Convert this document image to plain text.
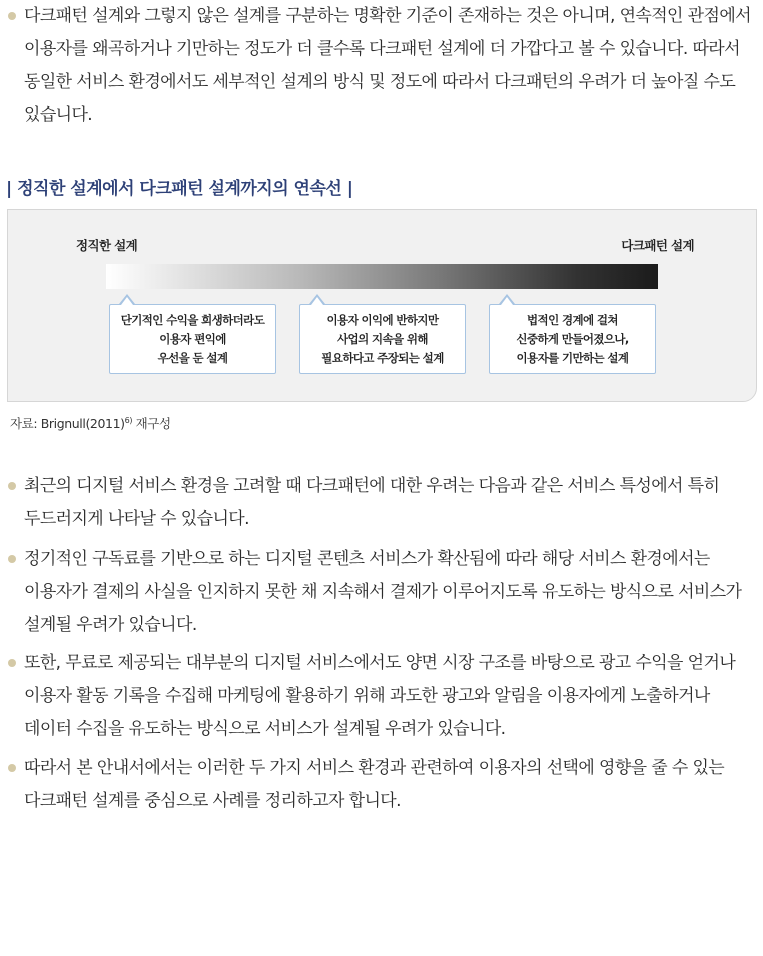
다크패턴 설계와 그렇지 않은 설계를 구분하는 명확한 기준이 존재하는 것은 아니며, 연속적인 관점에서 이용자를 왜곡하거나 기만하는 정도가 더 클수록 다크패턴 설계에 더 가깝다고 볼 수 있습니다. 따라서 동일한 서비스 환경에서도 세부적인 설계의 방식 및 정도에 따라서 다크패턴의 우려가 더 높아질 수도 있습니다.

| 정직한 설계에서 다크패턴 설계까지의 연속선 |
정직한 설계	다크패턴 설계
단기적인 수익을 희생하더라도
이용자 편익에
우선을 둔 설계
이용자 이익에 반하지만
사업의 지속을 위해
필요하다고 주장되는 설계
법적인 경계에 걸쳐
신중하게 만들어졌으나,
이용자를 기만하는 설계
자료: $Brignull(2011)^{6)}$ 재구성

최근의 디지털 서비스 환경을 고려할 때 다크패턴에 대한 우려는 다음과 같은 서비스 특성에서 특히 두드러지게 나타날 수 있습니다.

정기적인 구독료를 기반으로 하는 디지털 콘텐츠 서비스가 확산됨에 따라 해당 서비스 환경에서는 이용자가 결제의 사실을 인지하지 못한 채 지속해서 결제가 이루어지도록 유도하는 방식으로 서비스가 설계될 우려가 있습니다.

또한, 무료로 제공되는 대부분의 디지털 서비스에서도 양면 시장 구조를 바탕으로 광고 수익을 얻거나 이용자 활동 기록을 수집해 마케팅에 활용하기 위해 과도한 광고와 알림을 이용자에게 노출하거나 데이터 수집을 유도하는 방식으로 서비스가 설계될 우려가 있습니다.

따라서 본 안내서에서는 이러한 두 가지 서비스 환경과 관련하여 이용자의 선택에 영향을 줄 수 있는 다크패턴 설계를 중심으로 사례를 정리하고자 합니다.
